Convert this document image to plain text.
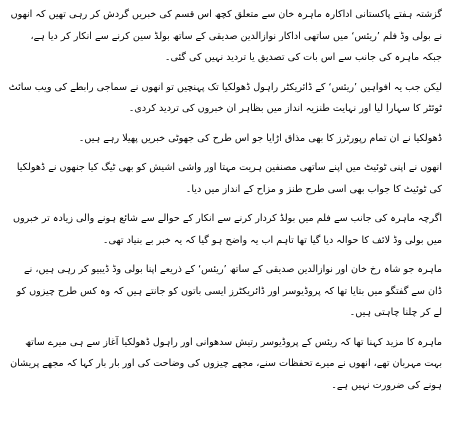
گزشتہ ہفتے پاکستانی اداکارہ ماہرہ خان سے متعلق کچھ اس قسم کی خبریں گردش کر رہی تھیں کہ انھوں نے بولی وڈ فلم ’ریئس‘ میں ساتھی اداکار نوازالدین صدیقی کے ساتھ بولڈ سین کرنے سے انکار کر دیا ہے، جبکہ ماہرہ کی جانب سے اس بات کی تصدیق یا تردید نہیں کی گئی۔

لیکن جب یہ افواہیں ’ریئس‘ کے ڈائریکٹر راہول ڈھولکیا تک پہنچیں تو انھوں نے سماجی رابطے کی ویب سائٹ ٹوئٹر کا سہارا لیا اور نہایت طنزیہ انداز میں بظاہر ان خبروں کی تردید کردی۔

ڈھولکیا نے ان تمام رپورٹرز کا بھی مذاق اڑایا جو اس طرح کی جھوٹی خبریں پھیلا رہے ہیں۔

انھوں نے اپنی ٹوئیٹ میں اپنے ساتھی مصنفین ہریت مہتا اور واشی اشیش کو بھی ٹیگ کیا جنھوں نے ڈھولکیا کی ٹوئیٹ کا جواب بھی اسی طرح طنز و مزاح کے انداز میں دیا۔

اگرچہ ماہرہ کی جانب سے فلم میں بولڈ کردار کرنے سے انکار کے حوالے سے شائع ہونے والی زیادہ تر خبروں میں بولی وڈ لائف کا حوالہ دیا گیا تھا تاہم اب یہ واضح ہو گیا کہ یہ خبر بے بنیاد تھی۔

ماہرہ جو شاہ رخ خان اور نوازالدین صدیقی کے ساتھ ’ریئس‘ کے ذریعے اپنا بولی وڈ ڈیبیو کر رہی ہیں، نے ڈان سے گفتگو میں بتایا تھا کہ پروڈیوسر اور ڈائریکٹرز ایسی باتوں کو جانتے ہیں کہ وہ کس طرح چیزوں کو لے کر چلنا چاہتی ہیں۔

ماہرہ کا مزید کہنا تھا کہ ریئس کے پروڈیوسر رتیش سدھوانی اور راہول ڈھولکیا آغاز سے ہی میرے ساتھ بہت مہربان تھے، انھوں نے میرے تحفظات سنے، مجھے چیزوں کی وضاحت کی اور بار بار کہا کہ مجھے پریشان ہونے کی ضرورت نہیں ہے۔
